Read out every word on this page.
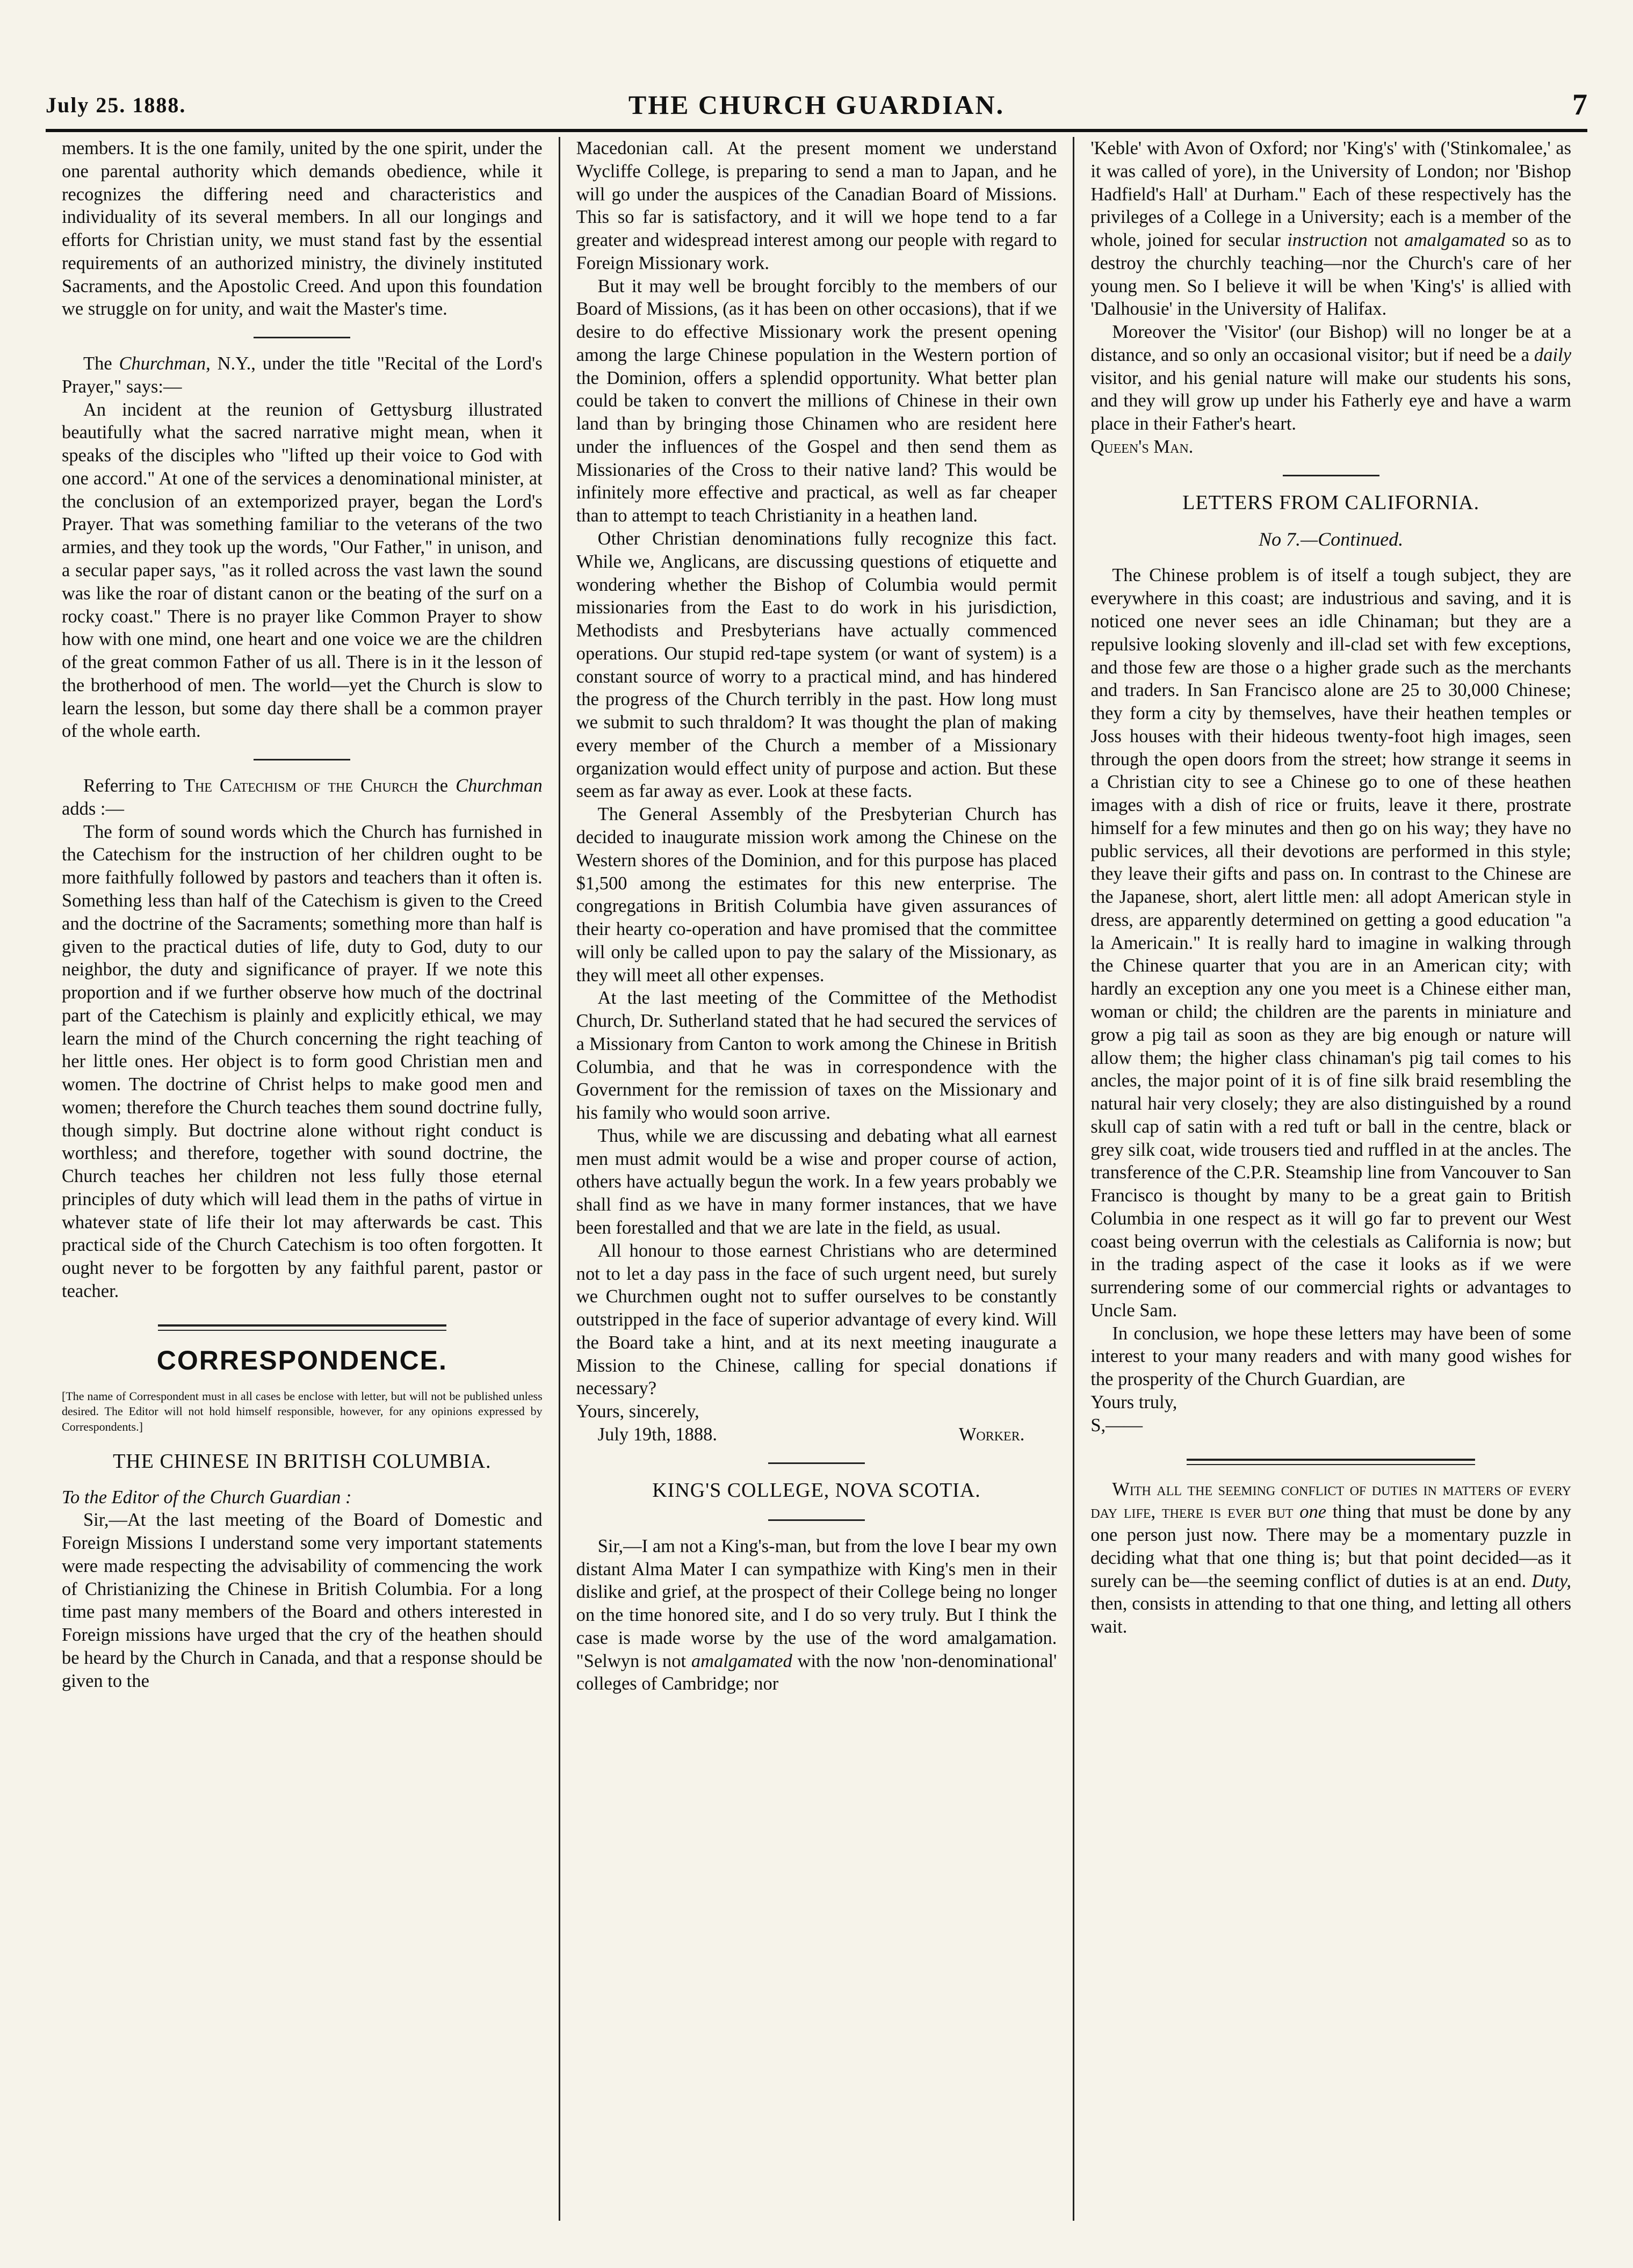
July 25. 1888.	THE CHURCH GUARDIAN.	7

members. It is the one family, united by the one spirit, under the one parental authority which demands obedience, while it recognizes the differing need and characteristics and individuality of its several members. In all our longings and efforts for Christian unity, we must stand fast by the essential requirements of an authorized ministry, the divinely instituted Sacraments, and the Apostolic Creed. And upon this foundation we struggle on for unity, and wait the Master's time.

The Churchman, N.Y., under the title "Recital of the Lord's Prayer," says:—

An incident at the reunion of Gettysburg illustrated beautifully what the sacred narrative might mean, when it speaks of the disciples who "lifted up their voice to God with one accord." At one of the services a denominational minister, at the conclusion of an extemporized prayer, began the Lord's Prayer. That was something familiar to the veterans of the two armies, and they took up the words, "Our Father," in unison, and a secular paper says, "as it rolled across the vast lawn the sound was like the roar of distant canon or the beating of the surf on a rocky coast." There is no prayer like Common Prayer to show how with one mind, one heart and one voice we are the children of the great common Father of us all. There is in it the lesson of the brotherhood of men. The world—yet the Church is slow to learn the lesson, but some day there shall be a common prayer of the whole earth.

Referring to The Catechism of the Church the Churchman adds :—

The form of sound words which the Church has furnished in the Catechism for the instruction of her children ought to be more faithfully followed by pastors and teachers than it often is. Something less than half of the Catechism is given to the Creed and the doctrine of the Sacraments; something more than half is given to the practical duties of life, duty to God, duty to our neighbor, the duty and significance of prayer. If we note this proportion and if we further observe how much of the doctrinal part of the Catechism is plainly and explicitly ethical, we may learn the mind of the Church concerning the right teaching of her little ones. Her object is to form good Christian men and women. The doctrine of Christ helps to make good men and women; therefore the Church teaches them sound doctrine fully, though simply. But doctrine alone without right conduct is worthless; and therefore, together with sound doctrine, the Church teaches her children not less fully those eternal principles of duty which will lead them in the paths of virtue in whatever state of life their lot may afterwards be cast. This practical side of the Church Catechism is too often forgotten. It ought never to be forgotten by any faithful parent, pastor or teacher.

CORRESPONDENCE.

[The name of Correspondent must in all cases be enclose with letter, but will not be published unless desired. The Editor will not hold himself responsible, however, for any opinions expressed by Correspondents.]

THE CHINESE IN BRITISH COLUMBIA.

To the Editor of the Church Guardian :

Sir,—At the last meeting of the Board of Domestic and Foreign Missions I understand some very important statements were made respecting the advisability of commencing the work of Christianizing the Chinese in British Columbia. For a long time past many members of the Board and others interested in Foreign missions have urged that the cry of the heathen should be heard by the Church in Canada, and that a response should be given to the

Macedonian call. At the present moment we understand Wycliffe College, is preparing to send a man to Japan, and he will go under the auspices of the Canadian Board of Missions. This so far is satisfactory, and it will we hope tend to a far greater and widespread interest among our people with regard to Foreign Missionary work.

But it may well be brought forcibly to the members of our Board of Missions, (as it has been on other occasions), that if we desire to do effective Missionary work the present opening among the large Chinese population in the Western portion of the Dominion, offers a splendid opportunity. What better plan could be taken to convert the millions of Chinese in their own land than by bringing those Chinamen who are resident here under the influences of the Gospel and then send them as Missionaries of the Cross to their native land? This would be infinitely more effective and practical, as well as far cheaper than to attempt to teach Christianity in a heathen land.

Other Christian denominations fully recognize this fact. While we, Anglicans, are discussing questions of etiquette and wondering whether the Bishop of Columbia would permit missionaries from the East to do work in his jurisdiction, Methodists and Presbyterians have actually commenced operations. Our stupid red-tape system (or want of system) is a constant source of worry to a practical mind, and has hindered the progress of the Church terribly in the past. How long must we submit to such thraldom? It was thought the plan of making every member of the Church a member of a Missionary organization would effect unity of purpose and action. But these seem as far away as ever. Look at these facts.

The General Assembly of the Presbyterian Church has decided to inaugurate mission work among the Chinese on the Western shores of the Dominion, and for this purpose has placed $1,500 among the estimates for this new enterprise. The congregations in British Columbia have given assurances of their hearty co-operation and have promised that the committee will only be called upon to pay the salary of the Missionary, as they will meet all other expenses.

At the last meeting of the Committee of the Methodist Church, Dr. Sutherland stated that he had secured the services of a Missionary from Canton to work among the Chinese in British Columbia, and that he was in correspondence with the Government for the remission of taxes on the Missionary and his family who would soon arrive.

Thus, while we are discussing and debating what all earnest men must admit would be a wise and proper course of action, others have actually begun the work. In a few years probably we shall find as we have in many former instances, that we have been forestalled and that we are late in the field, as usual.

All honour to those earnest Christians who are determined not to let a day pass in the face of such urgent need, but surely we Churchmen ought not to suffer ourselves to be constantly outstripped in the face of superior advantage of every kind. Will the Board take a hint, and at its next meeting inaugurate a Mission to the Chinese, calling for special donations if necessary?

Yours, sincerely,

July 19th, 1888.	Worker.

KING'S COLLEGE, NOVA SCOTIA.

Sir,—I am not a King's-man, but from the love I bear my own distant Alma Mater I can sympathize with King's men in their dislike and grief, at the prospect of their College being no longer on the time honored site, and I do so very truly. But I think the case is made worse by the use of the word amalgamation. "Selwyn is not amalgamated with the now 'non-denominational' colleges of Cambridge; nor

'Keble' with Avon of Oxford; nor 'King's' with ('Stinkomalee,' as it was called of yore), in the University of London; nor 'Bishop Hadfield's Hall' at Durham." Each of these respectively has the privileges of a College in a University; each is a member of the whole, joined for secular instruction not amalgamated so as to destroy the churchly teaching—nor the Church's care of her young men. So I believe it will be when 'King's' is allied with 'Dalhousie' in the University of Halifax.

Moreover the 'Visitor' (our Bishop) will no longer be at a distance, and so only an occasional visitor; but if need be a daily visitor, and his genial nature will make our students his sons, and they will grow up under his Fatherly eye and have a warm place in their Father's heart.

Queen's Man.

LETTERS FROM CALIFORNIA.
No 7.—Continued.

The Chinese problem is of itself a tough subject, they are everywhere in this coast; are industrious and saving, and it is noticed one never sees an idle Chinaman; but they are a repulsive looking slovenly and ill-clad set with few exceptions, and those few are those o a higher grade such as the merchants and traders. In San Francisco alone are 25 to 30,000 Chinese; they form a city by themselves, have their heathen temples or Joss houses with their hideous twenty-foot high images, seen through the open doors from the street; how strange it seems in a Christian city to see a Chinese go to one of these heathen images with a dish of rice or fruits, leave it there, prostrate himself for a few minutes and then go on his way; they have no public services, all their devotions are performed in this style; they leave their gifts and pass on. In contrast to the Chinese are the Japanese, short, alert little men: all adopt American style in dress, are apparently determined on getting a good education "a la Americain." It is really hard to imagine in walking through the Chinese quarter that you are in an American city; with hardly an exception any one you meet is a Chinese either man, woman or child; the children are the parents in miniature and grow a pig tail as soon as they are big enough or nature will allow them; the higher class chinaman's pig tail comes to his ancles, the major point of it is of fine silk braid resembling the natural hair very closely; they are also distinguished by a round skull cap of satin with a red tuft or ball in the centre, black or grey silk coat, wide trousers tied and ruffled in at the ancles. The transference of the C.P.R. Steamship line from Vancouver to San Francisco is thought by many to be a great gain to British Columbia in one respect as it will go far to prevent our West coast being overrun with the celestials as California is now; but in the trading aspect of the case it looks as if we were surrendering some of our commercial rights or advantages to Uncle Sam.

In conclusion, we hope these letters may have been of some interest to your many readers and with many good wishes for the prosperity of the Church Guardian, are

Yours truly,

S,——

With all the seeming conflict of duties in matters of every day life, there is ever but one thing that must be done by any one person just now. There may be a momentary puzzle in deciding what that one thing is; but that point decided—as it surely can be—the seeming conflict of duties is at an end. Duty, then, consists in attending to that one thing, and letting all others wait.
